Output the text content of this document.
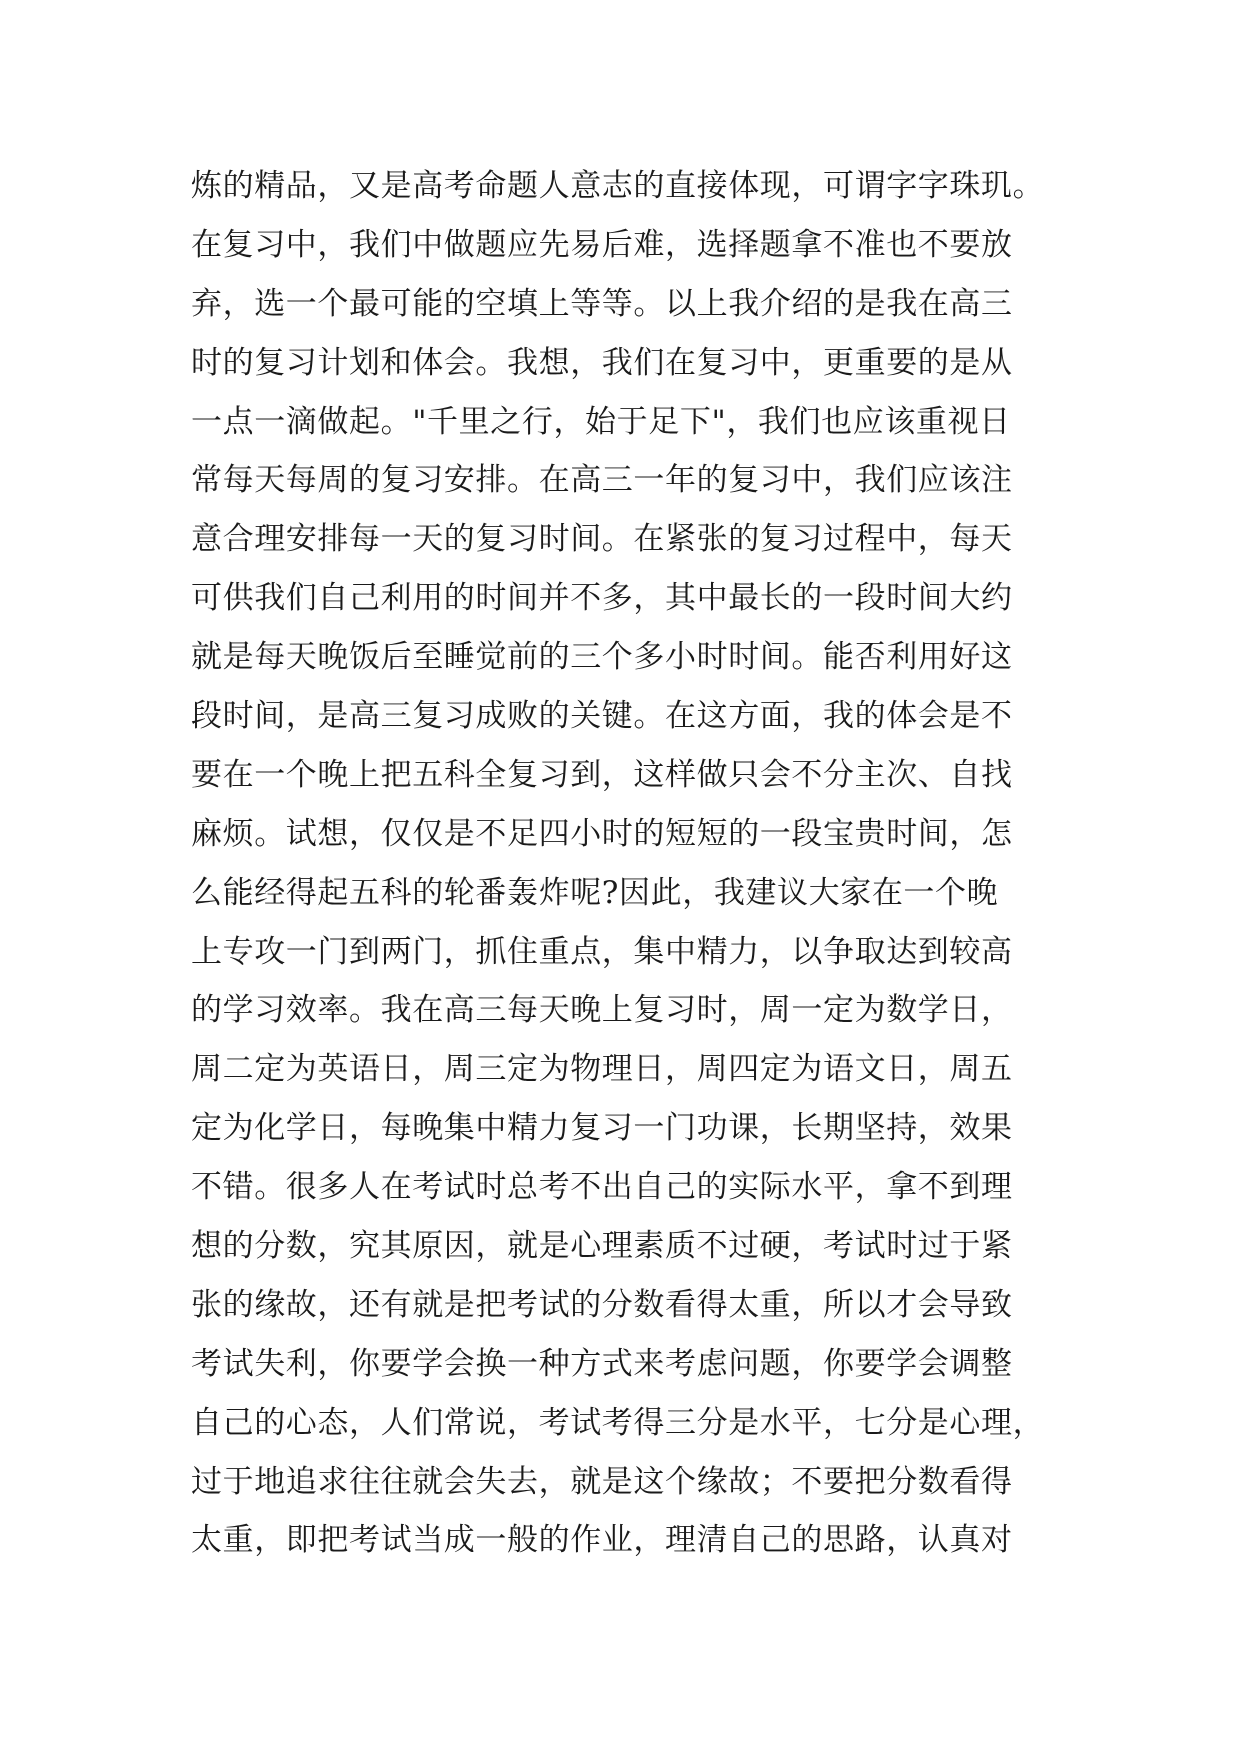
炼的精品，又是高考命题人意志的直接体现，可谓字字珠玑。
在复习中，我们中做题应先易后难，选择题拿不准也不要放
弃，选一个最可能的空填上等等。以上我介绍的是我在高三
时的复习计划和体会。我想，我们在复习中，更重要的是从
一点一滴做起。"千里之行，始于足下"，我们也应该重视日
常每天每周的复习安排。在高三一年的复习中，我们应该注
意合理安排每一天的复习时间。在紧张的复习过程中，每天
可供我们自己利用的时间并不多，其中最长的一段时间大约
就是每天晚饭后至睡觉前的三个多小时时间。能否利用好这
段时间，是高三复习成败的关键。在这方面，我的体会是不
要在一个晚上把五科全复习到，这样做只会不分主次、自找
麻烦。试想，仅仅是不足四小时的短短的一段宝贵时间，怎
么能经得起五科的轮番轰炸呢?因此，我建议大家在一个晚
上专攻一门到两门，抓住重点，集中精力，以争取达到较高
的学习效率。我在高三每天晚上复习时，周一定为数学日，
周二定为英语日，周三定为物理日，周四定为语文日，周五
定为化学日，每晚集中精力复习一门功课，长期坚持，效果
不错。很多人在考试时总考不出自己的实际水平，拿不到理
想的分数，究其原因，就是心理素质不过硬，考试时过于紧
张的缘故，还有就是把考试的分数看得太重，所以才会导致
考试失利，你要学会换一种方式来考虑问题，你要学会调整
自己的心态，人们常说，考试考得三分是水平，七分是心理，
过于地追求往往就会失去，就是这个缘故；不要把分数看得
太重，即把考试当成一般的作业，理清自己的思路，认真对
